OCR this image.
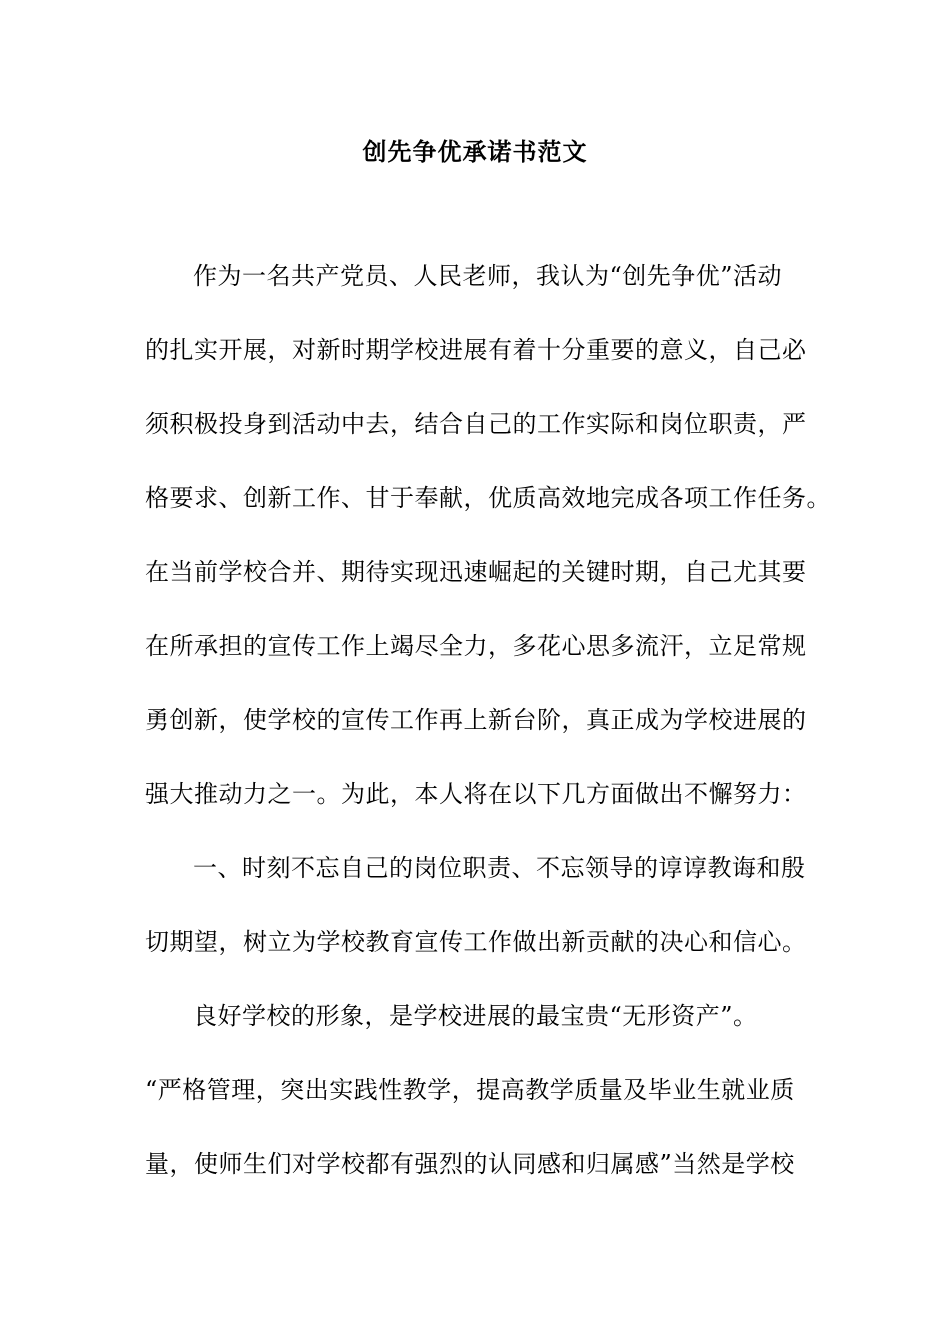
创先争优承诺书范文
作为一名共产党员、人民老师，我认为“创先争优”活动
的扎实开展，对新时期学校进展有着十分重要的意义，自己必
须积极投身到活动中去，结合自己的工作实际和岗位职责，严
格要求、创新工作、甘于奉献，优质高效地完成各项工作任务。
在当前学校合并、期待实现迅速崛起的关键时期，自己尤其要
在所承担的宣传工作上竭尽全力，多花心思多流汗，立足常规
勇创新，使学校的宣传工作再上新台阶，真正成为学校进展的
强大推动力之一。为此，本人将在以下几方面做出不懈努力：
一、时刻不忘自己的岗位职责、不忘领导的谆谆教诲和殷
切期望，树立为学校教育宣传工作做出新贡献的决心和信心。
良好学校的形象，是学校进展的最宝贵“无形资产”。
“严格管理，突出实践性教学，提高教学质量及毕业生就业质
量，使师生们对学校都有强烈的认同感和归属感”当然是学校
